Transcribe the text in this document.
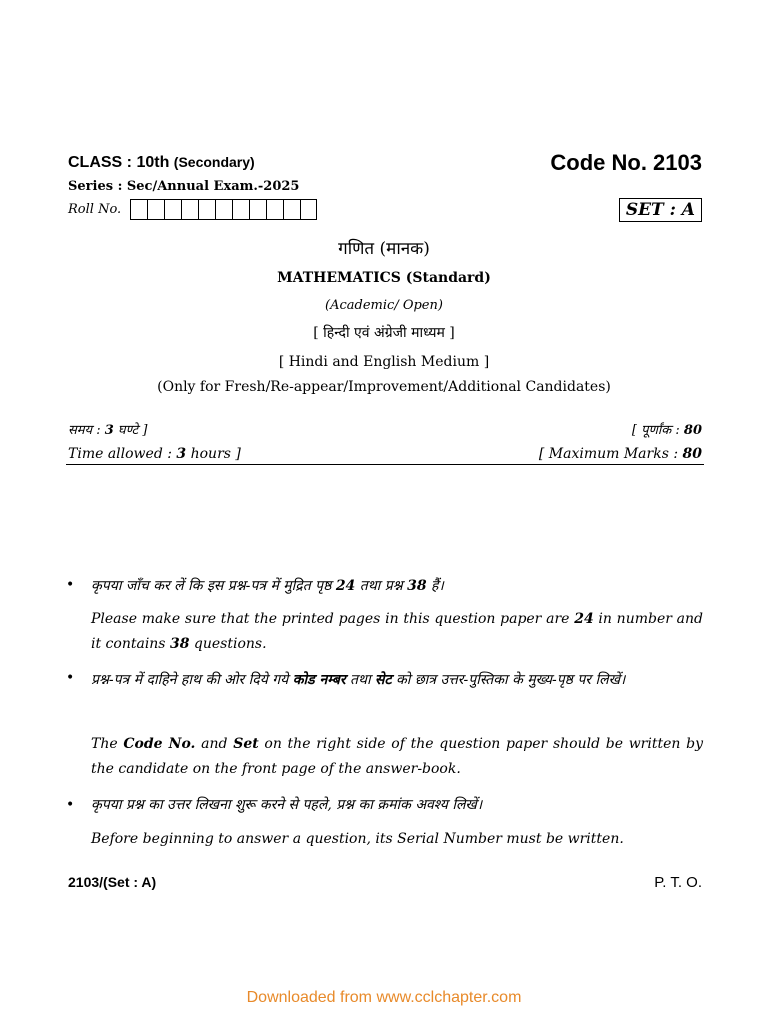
CLASS : 10th (Secondary)	Code No. 2103
Series : Sec/Annual Exam.-2025
Roll No.	SET : A
गणित (मानक)
MATHEMATICS (Standard)
(Academic/ Open)
[ हिन्दी एवं अंग्रेजी माध्यम ]
[ Hindi and English Medium ]
(Only for Fresh/Re-appear/Improvement/Additional Candidates)
समय : 3 घण्टे ]	[ पूर्णांक : 80
Time allowed : 3 hours ]	[ Maximum Marks : 80
• कृपया जाँच कर लें कि इस प्रश्न-पत्र में मुद्रित पृष्ठ 24 तथा प्रश्न 38 हैं।
Please make sure that the printed pages in this question paper are 24 in number and it contains 38 questions.
• प्रश्न-पत्र में दाहिने हाथ की ओर दिये गये कोड नम्बर तथा सेट को छात्र उत्तर-पुस्तिका के मुख्य-पृष्ठ पर लिखें।
The Code No. and Set on the right side of the question paper should be written by the candidate on the front page of the answer-book.
• कृपया प्रश्न का उत्तर लिखना शुरू करने से पहले, प्रश्न का क्रमांक अवश्य लिखें।
Before beginning to answer a question, its Serial Number must be written.
2103/(Set : A)	P. T. O.
Downloaded from www.cclchapter.com
